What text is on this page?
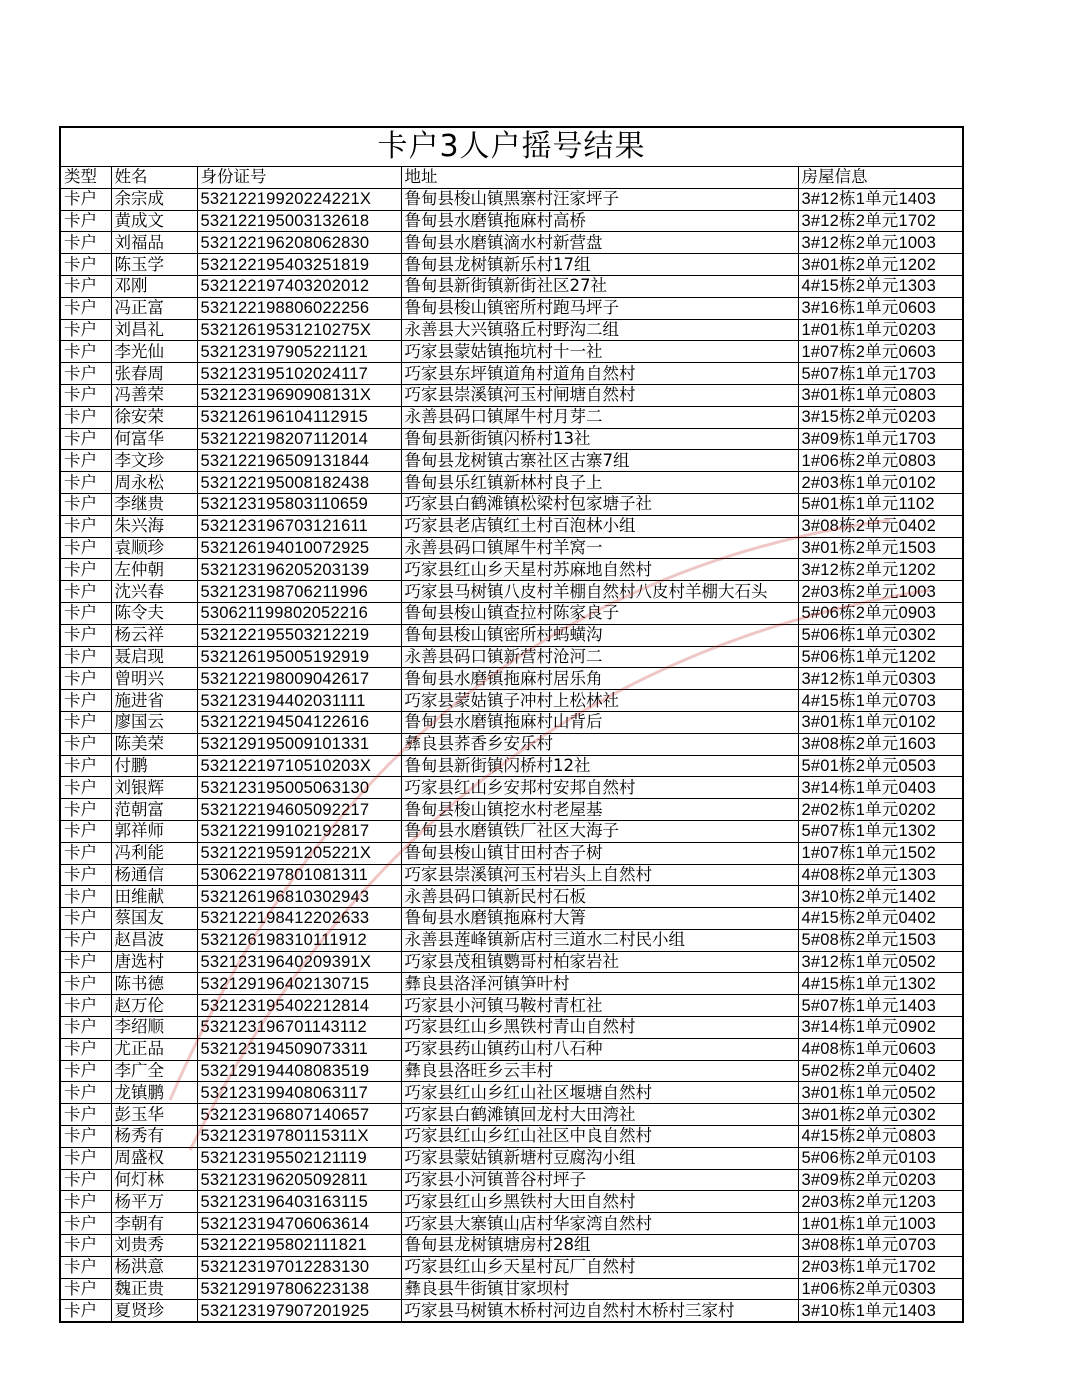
卡户3人户摇号结果
类型	姓名	身份证号	地址	房屋信息
卡户	余宗成	53212219920224221X	鲁甸县梭山镇黑寨村汪家坪子	3#12栋1单元1403
卡户	黄成文	532122195003132618	鲁甸县水磨镇拖麻村高桥	3#12栋2单元1702
卡户	刘福品	532122196208062830	鲁甸县水磨镇滴水村新营盘	3#12栋2单元1003
卡户	陈玉学	532122195403251819	鲁甸县龙树镇新乐村17组	3#01栋2单元1202
卡户	邓刚	532122197403202012	鲁甸县新街镇新街社区27社	4#15栋2单元1303
卡户	冯正富	532122198806022256	鲁甸县梭山镇密所村跑马坪子	3#16栋1单元0603
卡户	刘昌礼	53212619531210275X	永善县大兴镇骆丘村野沟二组	1#01栋1单元0203
卡户	李光仙	532123197905221121	巧家县蒙姑镇拖坑村十一社	1#07栋2单元0603
卡户	张春周	532123195102024117	巧家县东坪镇道角村道角自然村	5#07栋1单元1703
卡户	冯善荣	53212319690908131X	巧家县崇溪镇河玉村闸塘自然村	3#01栋1单元0803
卡户	徐安荣	532126196104112915	永善县码口镇犀牛村月芽二	3#15栋2单元0203
卡户	何富华	532122198207112014	鲁甸县新街镇闪桥村13社	3#09栋1单元1703
卡户	李文珍	532122196509131844	鲁甸县龙树镇古寨社区古寨7组	1#06栋2单元0803
卡户	周永松	532122195008182438	鲁甸县乐红镇新林村良子上	2#03栋1单元0102
卡户	李继贵	532123195803110659	巧家县白鹤滩镇松梁村包家塘子社	5#01栋1单元1102
卡户	朱兴海	532123196703121611	巧家县老店镇红土村百泡林小组	3#08栋2单元0402
卡户	袁顺珍	532126194010072925	永善县码口镇犀牛村羊窝一	3#01栋2单元1503
卡户	左仲朝	532123196205203139	巧家县红山乡天星村苏麻地自然村	3#12栋2单元1202
卡户	沈兴春	532123198706211996	巧家县马树镇八皮村羊棚自然村八皮村羊棚大石头	2#03栋2单元1003
卡户	陈令夫	530621199802052216	鲁甸县梭山镇查拉村陈家良子	5#06栋2单元0903
卡户	杨云祥	532122195503212219	鲁甸县梭山镇密所村蚂蟥沟	5#06栋1单元0302
卡户	聂启现	532126195005192919	永善县码口镇新营村沧河二	5#06栋1单元1202
卡户	曾明兴	532122198009042617	鲁甸县水磨镇拖麻村居乐角	3#12栋1单元0303
卡户	施进省	532123194402031111	巧家县蒙姑镇子冲村上松林社	4#15栋1单元0703
卡户	廖国云	532122194504122616	鲁甸县水磨镇拖麻村山背后	3#01栋1单元0102
卡户	陈美荣	532129195009101331	彝良县荞香乡安乐村	3#08栋2单元1603
卡户	付鹏	53212219710510203X	鲁甸县新街镇闪桥村12社	5#01栋2单元0503
卡户	刘银辉	532123195005063130	巧家县红山乡安邦村安邦自然村	3#14栋1单元0403
卡户	范朝富	532122194605092217	鲁甸县梭山镇挖水村老屋基	2#02栋1单元0202
卡户	郭祥师	532122199102192817	鲁甸县水磨镇铁厂社区大海子	5#07栋1单元1302
卡户	冯利能	53212219591205221X	鲁甸县梭山镇甘田村杏子树	1#07栋1单元1502
卡户	杨通信	530622197801081311	巧家县崇溪镇河玉村岩头上自然村	4#08栋2单元1303
卡户	田维献	532126196810302943	永善县码口镇新民村石板	3#10栋2单元1402
卡户	蔡国友	532122198412202633	鲁甸县水磨镇拖麻村大箐	4#15栋2单元0402
卡户	赵昌波	532126198310111912	永善县莲峰镇新店村三道水二村民小组	5#08栋2单元1503
卡户	唐选村	53212319640209391X	巧家县茂租镇鹦哥村柏家岩社	3#12栋1单元0502
卡户	陈书德	532129196402130715	彝良县洛泽河镇笋叶村	4#15栋1单元1302
卡户	赵万伦	532123195402212814	巧家县小河镇马鞍村青杠社	5#07栋1单元1403
卡户	李绍顺	532123196701143112	巧家县红山乡黑铁村青山自然村	3#14栋1单元0902
卡户	尤正品	532123194509073311	巧家县药山镇药山村八石种	4#08栋1单元0603
卡户	李广全	532129194408083519	彝良县洛旺乡云丰村	5#02栋2单元0402
卡户	龙镇鹏	532123199408063117	巧家县红山乡红山社区堰塘自然村	3#01栋1单元0502
卡户	彭玉华	532123196807140657	巧家县白鹤滩镇回龙村大田湾社	3#01栋2单元0302
卡户	杨秀有	53212319780115311X	巧家县红山乡红山社区中良自然村	4#15栋2单元0803
卡户	周盛权	532123195502121119	巧家县蒙姑镇新塘村豆腐沟小组	5#06栋2单元0103
卡户	何灯林	532123196205092811	巧家县小河镇普谷村坪子	3#09栋2单元0203
卡户	杨平万	532123196403163115	巧家县红山乡黑铁村大田自然村	2#03栋2单元1203
卡户	李朝有	532123194706063614	巧家县大寨镇山店村华家湾自然村	1#01栋1单元1003
卡户	刘贵秀	532122195802111821	鲁甸县龙树镇塘房村28组	3#08栋1单元0703
卡户	杨洪意	532123197012283130	巧家县红山乡天星村瓦厂自然村	2#03栋1单元1702
卡户	魏正贵	532129197806223138	彝良县牛街镇甘家坝村	1#06栋2单元0303
卡户	夏贤珍	532123197907201925	巧家县马树镇木桥村河边自然村木桥村三家村	3#10栋1单元1403
